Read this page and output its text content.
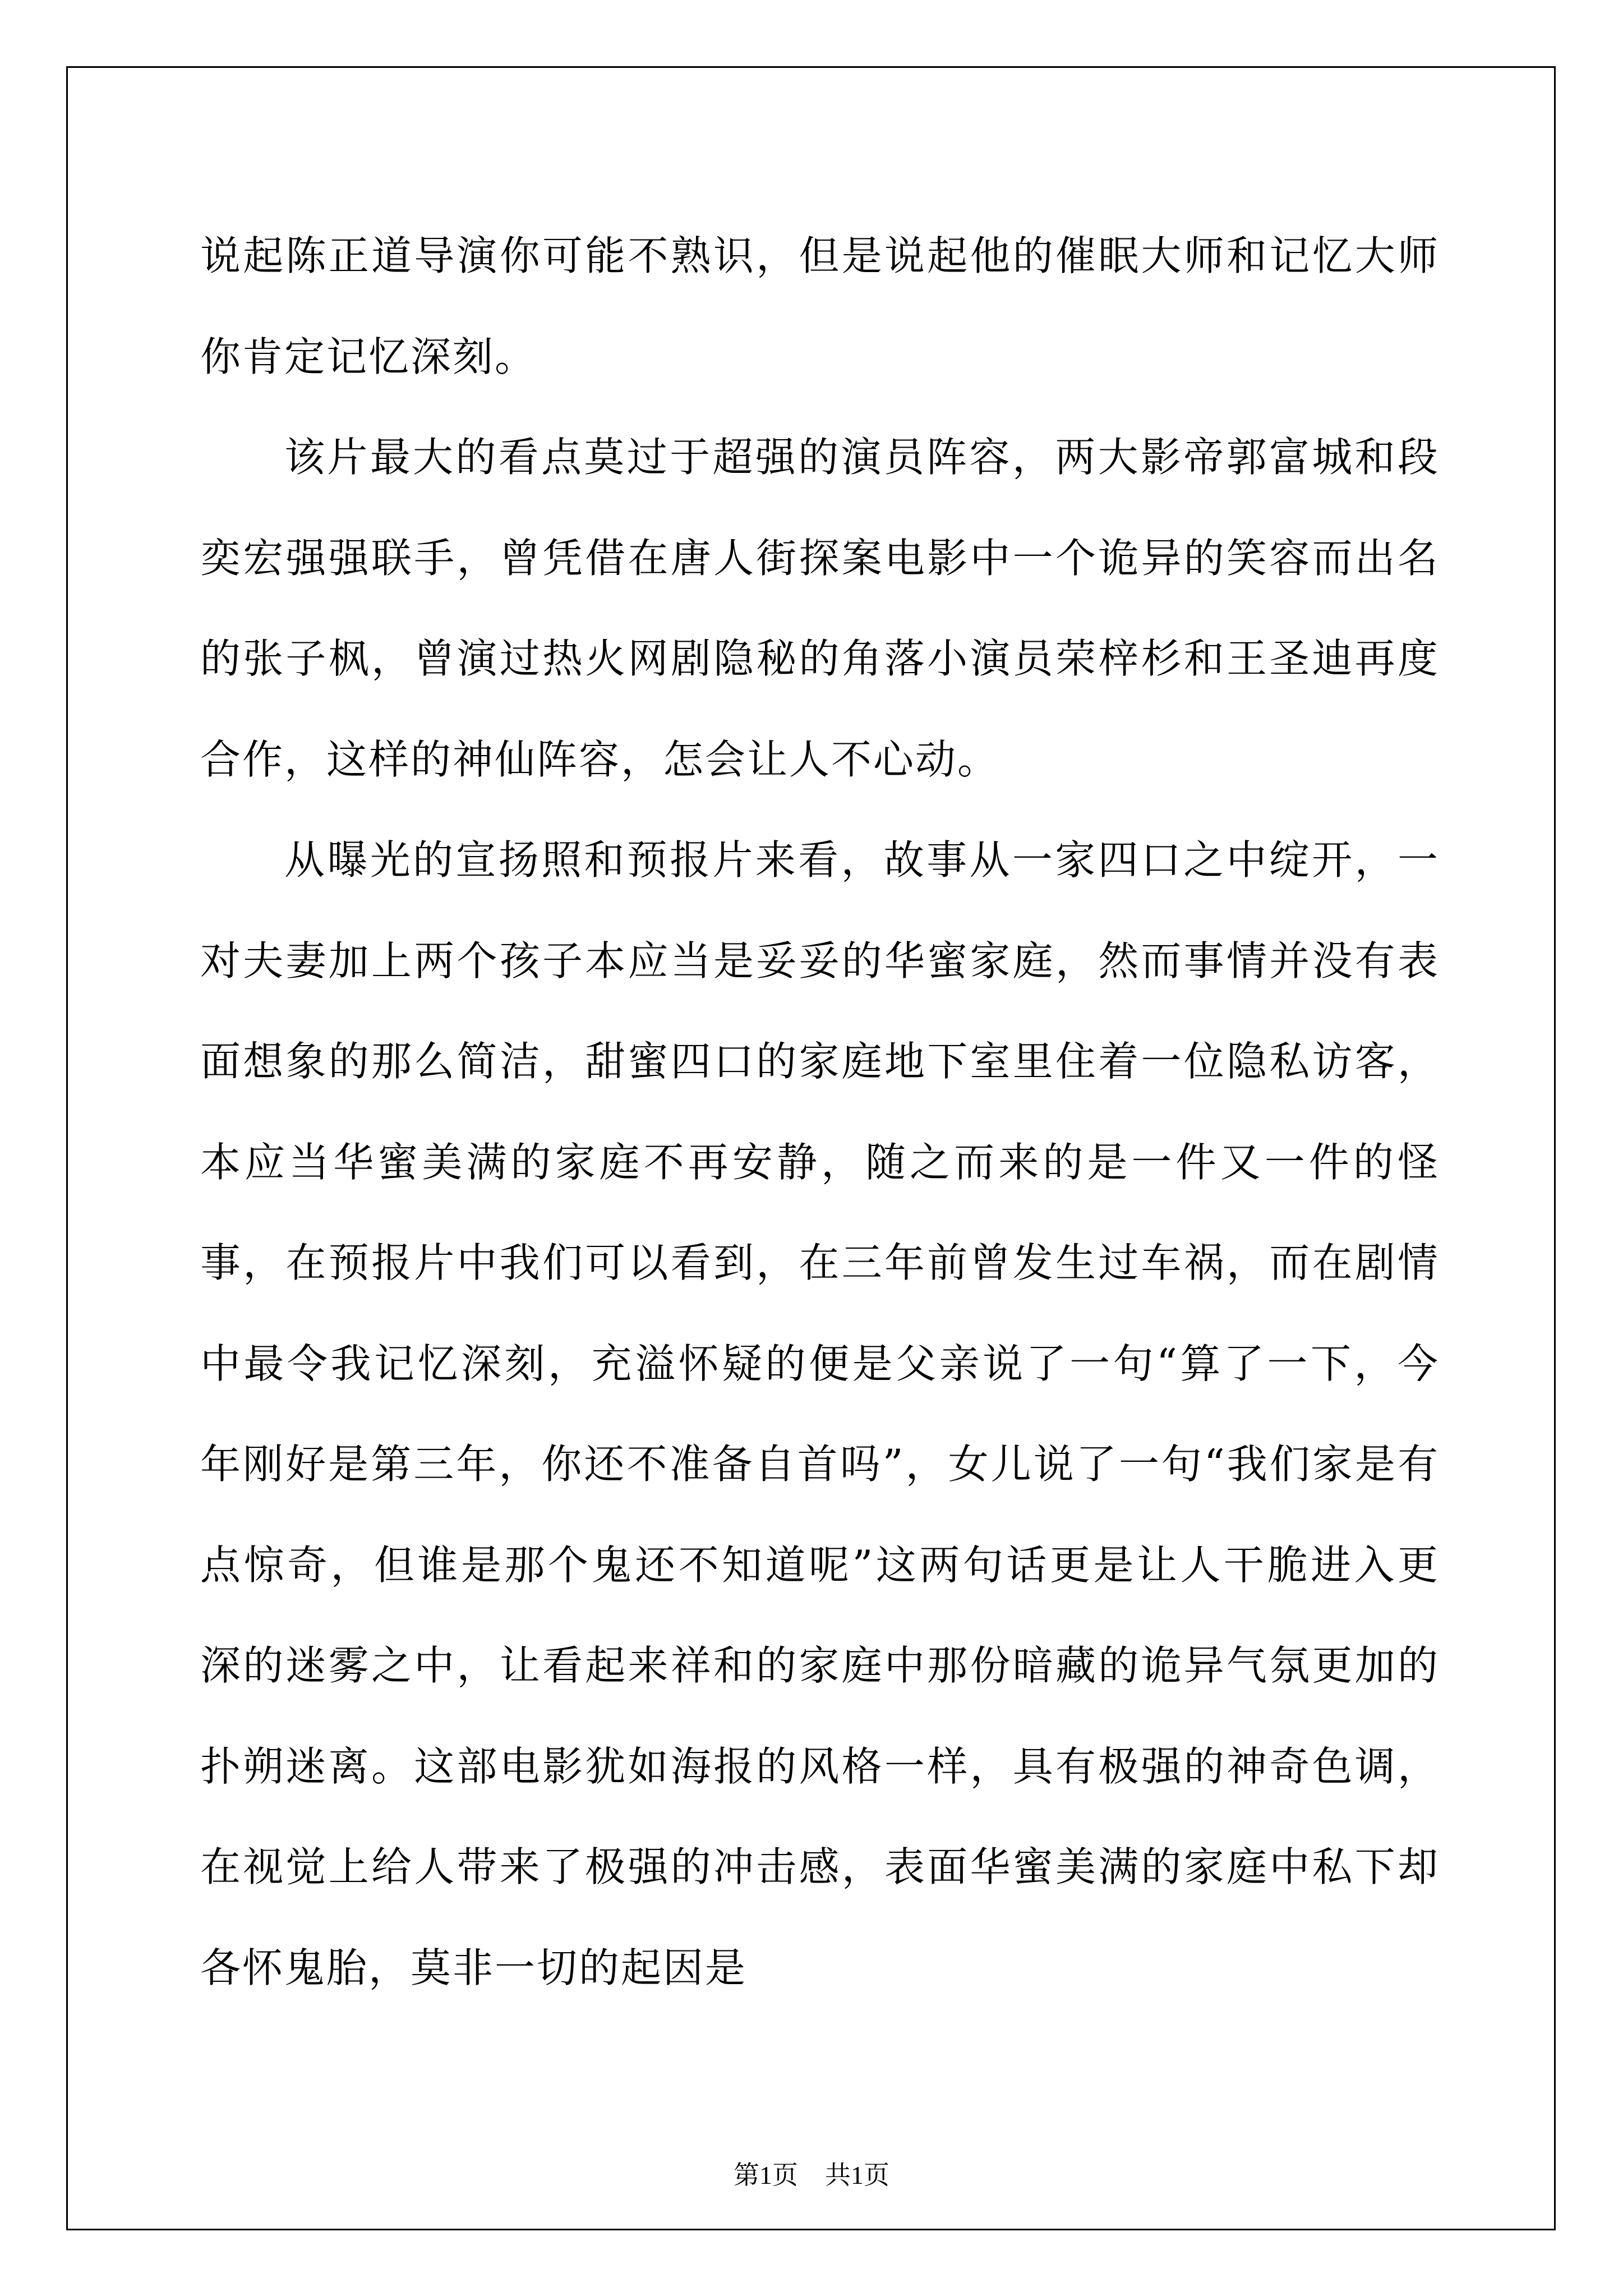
说起陈正道导演你可能不熟识，但是说起他的催眠大师和记忆大师你肯定记忆深刻。

该片最大的看点莫过于超强的演员阵容，两大影帝郭富城和段奕宏强强联手，曾凭借在唐人街探案电影中一个诡异的笑容而出名的张子枫，曾演过热火网剧隐秘的角落小演员荣梓杉和王圣迪再度合作，这样的神仙阵容，怎会让人不心动。

从曝光的宣扬照和预报片来看，故事从一家四口之中绽开，一对夫妻加上两个孩子本应当是妥妥的华蜜家庭，然而事情并没有表面想象的那么简洁，甜蜜四口的家庭地下室里住着一位隐私访客，本应当华蜜美满的家庭不再安静，随之而来的是一件又一件的怪事，在预报片中我们可以看到，在三年前曾发生过车祸，而在剧情中最令我记忆深刻，充溢怀疑的便是父亲说了一句“算了一下，今年刚好是第三年，你还不准备自首吗”，女儿说了一句“我们家是有点惊奇，但谁是那个鬼还不知道呢”这两句话更是让人干脆进入更深的迷雾之中，让看起来祥和的家庭中那份暗藏的诡异气氛更加的扑朔迷离。这部电影犹如海报的风格一样，具有极强的神奇色调，在视觉上给人带来了极强的冲击感，表面华蜜美满的家庭中私下却各怀鬼胎，莫非一切的起因是

第1页 共1页
